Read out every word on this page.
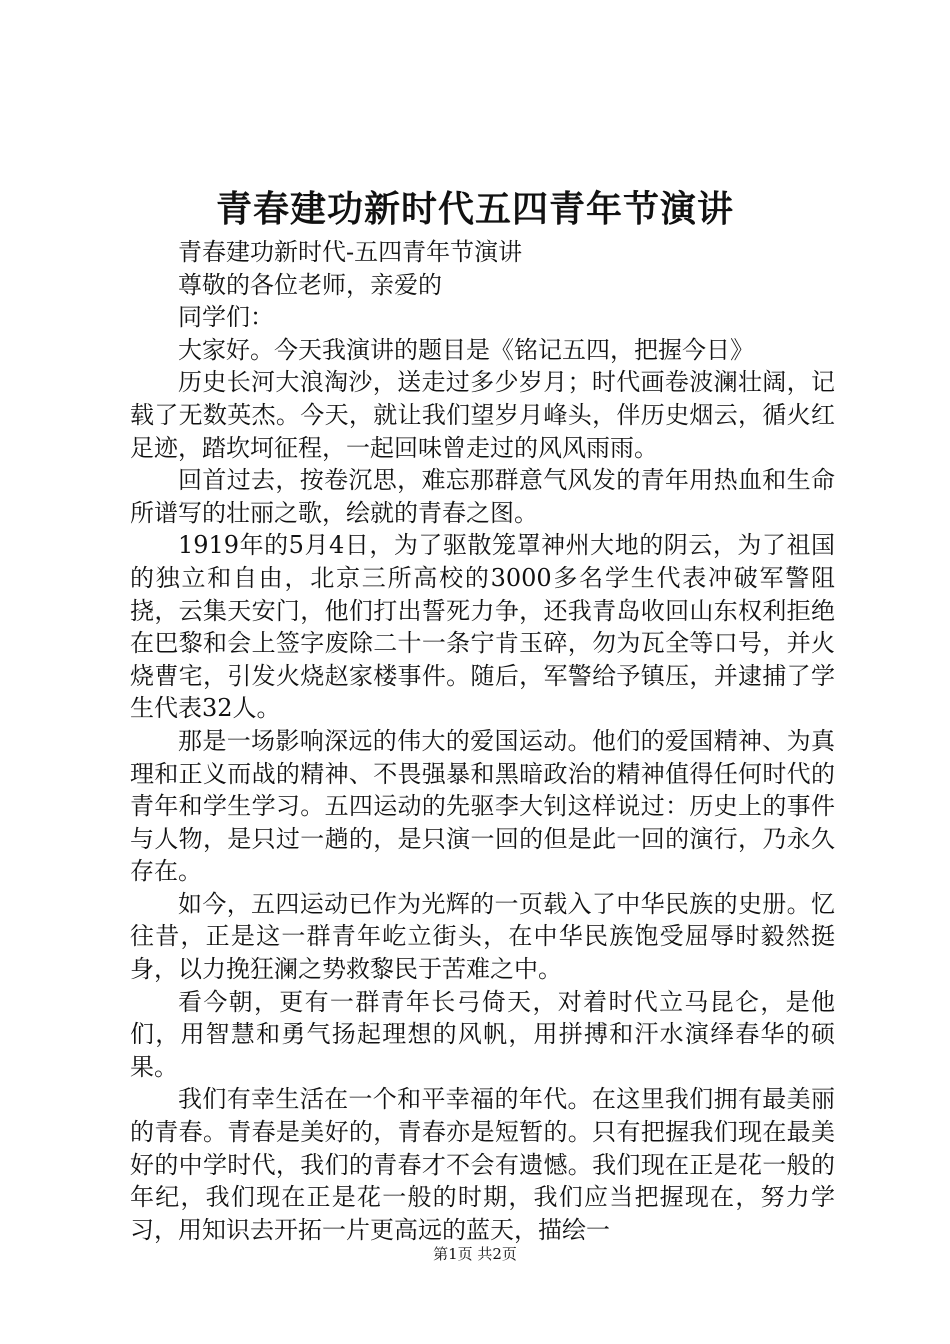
青春建功新时代五四青年节演讲

青春建功新时代-五四青年节演讲

尊敬的各位老师，亲爱的

同学们：

大家好。今天我演讲的题目是《铭记五四，把握今日》

历史长河大浪淘沙，送走过多少岁月；时代画卷波澜壮阔，记载了无数英杰。今天，就让我们望岁月峰头，伴历史烟云，循火红足迹，踏坎坷征程，一起回味曾走过的风风雨雨。

回首过去，按卷沉思，难忘那群意气风发的青年用热血和生命所谱写的壮丽之歌，绘就的青春之图。

1919年的5月4日，为了驱散笼罩神州大地的阴云，为了祖国的独立和自由，北京三所高校的3000多名学生代表冲破军警阻挠，云集天安门，他们打出誓死力争，还我青岛收回山东权利拒绝在巴黎和会上签字废除二十一条宁肯玉碎，勿为瓦全等口号，并火烧曹宅，引发火烧赵家楼事件。随后，军警给予镇压，并逮捕了学生代表32人。

那是一场影响深远的伟大的爱国运动。他们的爱国精神、为真理和正义而战的精神、不畏强暴和黑暗政治的精神值得任何时代的青年和学生学习。五四运动的先驱李大钊这样说过：历史上的事件与人物，是只过一趟的，是只演一回的但是此一回的演行，乃永久存在。

如今，五四运动已作为光辉的一页载入了中华民族的史册。忆往昔，正是这一群青年屹立街头，在中华民族饱受屈辱时毅然挺身，以力挽狂澜之势救黎民于苦难之中。

看今朝，更有一群青年长弓倚天，对着时代立马昆仑，是他们，用智慧和勇气扬起理想的风帆，用拼搏和汗水演绎春华的硕果。

我们有幸生活在一个和平幸福的年代。在这里我们拥有最美丽的青春。青春是美好的，青春亦是短暂的。只有把握我们现在最美好的中学时代，我们的青春才不会有遗憾。我们现在正是花一般的年纪，我们现在正是花一般的时期，我们应当把握现在，努力学习，用知识去开拓一片更高远的蓝天，描绘一

第1页 共2页
